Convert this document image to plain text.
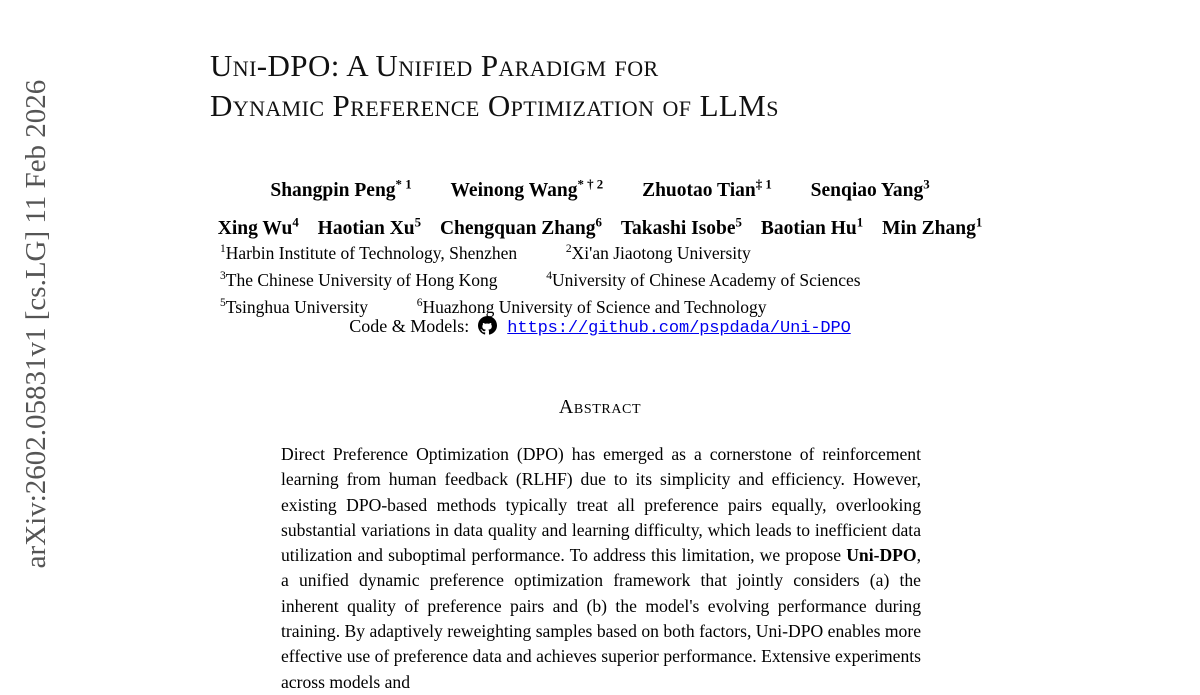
arXiv:2602.05831v1 [cs.LG] 11 Feb 2026
Uni-DPO: A Unified Paradigm for
Dynamic Preference Optimization of LLMs
Shangpin Peng$^{* 1}$ Weinong Wang$^{* \dagger 2}$ Zhuotao Tian$^{\ddagger 1}$ Senqiao Yang$^3$
Xing Wu$^4$ Haotian Xu$^5$ Chengquan Zhang$^6$ Takashi Isobe$^5$ Baotian Hu$^1$ Min Zhang$^1$
$^1$Harbin Institute of Technology, Shenzhen	$^2$Xi'an Jiaotong University
$^3$The Chinese University of Hong Kong	$^4$University of Chinese Academy of Sciences
$^5$Tsinghua University	$^6$Huazhong University of Science and Technology
Code & Models: https://github.com/pspdada/Uni-DPO
Abstract
Direct Preference Optimization (DPO) has emerged as a cornerstone of reinforcement learning from human feedback (RLHF) due to its simplicity and efficiency. However, existing DPO-based methods typically treat all preference pairs equally, overlooking substantial variations in data quality and learning difficulty, which leads to inefficient data utilization and suboptimal performance. To address this limitation, we propose Uni-DPO, a unified dynamic preference optimization framework that jointly considers (a) the inherent quality of preference pairs and (b) the model's evolving performance during training. By adaptively reweighting samples based on both factors, Uni-DPO enables more effective use of preference data and achieves superior performance. Extensive experiments across models and
